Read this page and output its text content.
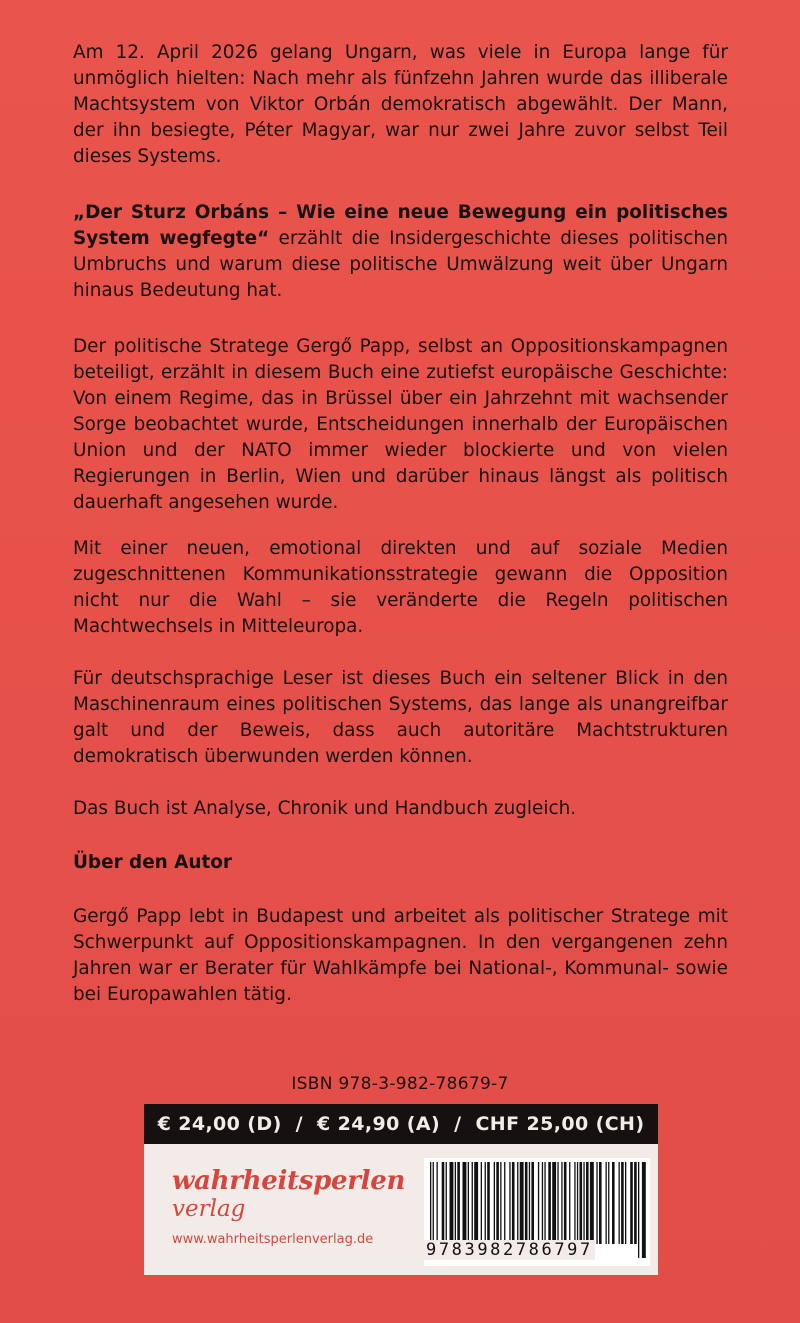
Am 12. April 2026 gelang Ungarn, was viele in Europa lange für unmöglich hielten: Nach mehr als fünfzehn Jahren wurde das illiberale Machtsystem von Viktor Orbán demokratisch abgewählt. Der Mann, der ihn besiegte, Péter Magyar, war nur zwei Jahre zuvor selbst Teil dieses Systems.
„Der Sturz Orbáns – Wie eine neue Bewegung ein politisches System wegfegte“ erzählt die Insidergeschichte dieses politischen Umbruchs und warum diese politische Umwälzung weit über Ungarn hinaus Bedeutung hat.
Der politische Stratege Gergő Papp, selbst an Oppositionskampagnen beteiligt, erzählt in diesem Buch eine zutiefst europäische Geschichte: Von einem Regime, das in Brüssel über ein Jahrzehnt mit wachsender Sorge beobachtet wurde, Entscheidungen innerhalb der Europäischen Union und der NATO immer wieder blockierte und von vielen Regierungen in Berlin, Wien und darüber hinaus längst als politisch dauerhaft angesehen wurde.
Mit einer neuen, emotional direkten und auf soziale Medien zugeschnittenen Kommunikationsstrategie gewann die Opposition nicht nur die Wahl – sie veränderte die Regeln politischen Machtwechsels in Mitteleuropa.
Für deutschsprachige Leser ist dieses Buch ein seltener Blick in den Maschinenraum eines politischen Systems, das lange als unangreifbar galt und der Beweis, dass auch autoritäre Machtstrukturen demokratisch überwunden werden können.
Das Buch ist Analyse, Chronik und Handbuch zugleich.
Über den Autor
Gergő Papp lebt in Budapest und arbeitet als politischer Stratege mit Schwerpunkt auf Oppositionskampagnen. In den vergangenen zehn Jahren war er Berater für Wahlkämpfe bei National-, Kommunal- sowie bei Europawahlen tätig.
ISBN 978-3-982-78679-7
€ 24,00 (D)  /  € 24,90 (A)  /  CHF 25,00 (CH)
wahrheitsperlen
verlag
www.wahrheitsperlenverlag.de
9783982786797
